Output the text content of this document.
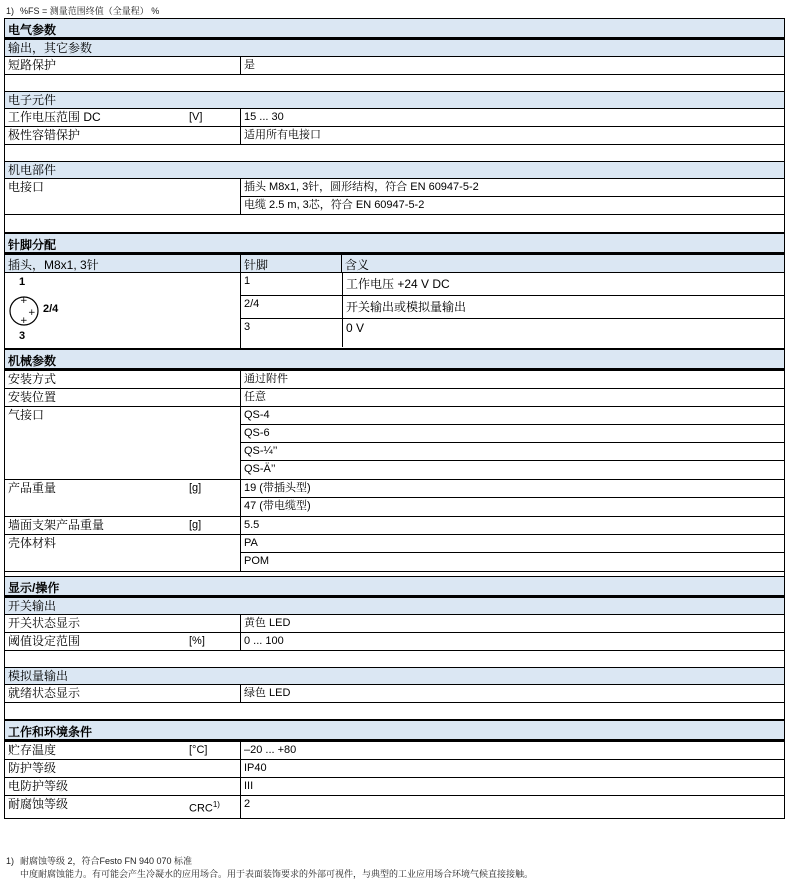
1) %FS = 测量范围终值（全量程） %
电气参数
输出，其它参数
短路保护	是
电子元件
工作电压范围 DC	[V]	15 ... 30
极性容错保护	适用所有电接口
机电部件
电接口	插头 M8x1, 3针，圆形结构，符合 EN 60947-5-2
电缆 2.5 m, 3芯，符合 EN 60947-5-2
针脚分配
插头，M8x1, 3针	针脚	含义
+
+
+
1
2/4
3
1	工作电压 +24 V DC
2/4	开关输出或模拟量输出
3	0 V
机械参数
安装方式	通过附件
安装位置	任意
气接口	QS-4
QS-6
QS-¼’’
QS-Ä’’
产品重量	[g]	19 (带插头型)
47 (带电缆型)
墙面支架产品重量	[g]	5.5
壳体材料	PA
POM
显示/操作
开关输出
开关状态显示	黄色 LED
阈值设定范围	[%]	0 ... 100
模拟量输出
就绪状态显示	绿色 LED
工作和环境条件
贮存温度	[°C]	–20 ... +80
防护等级	IP40
电防护等级	III
耐腐蚀等级	CRC$^{1)}$	2
1) 耐腐蚀等级 2，符合Festo FN 940 070 标准
中度耐腐蚀能力。有可能会产生冷凝水的应用场合。用于表面装饰要求的外部可视件，与典型的工业应用场合环境气候直接接触。
